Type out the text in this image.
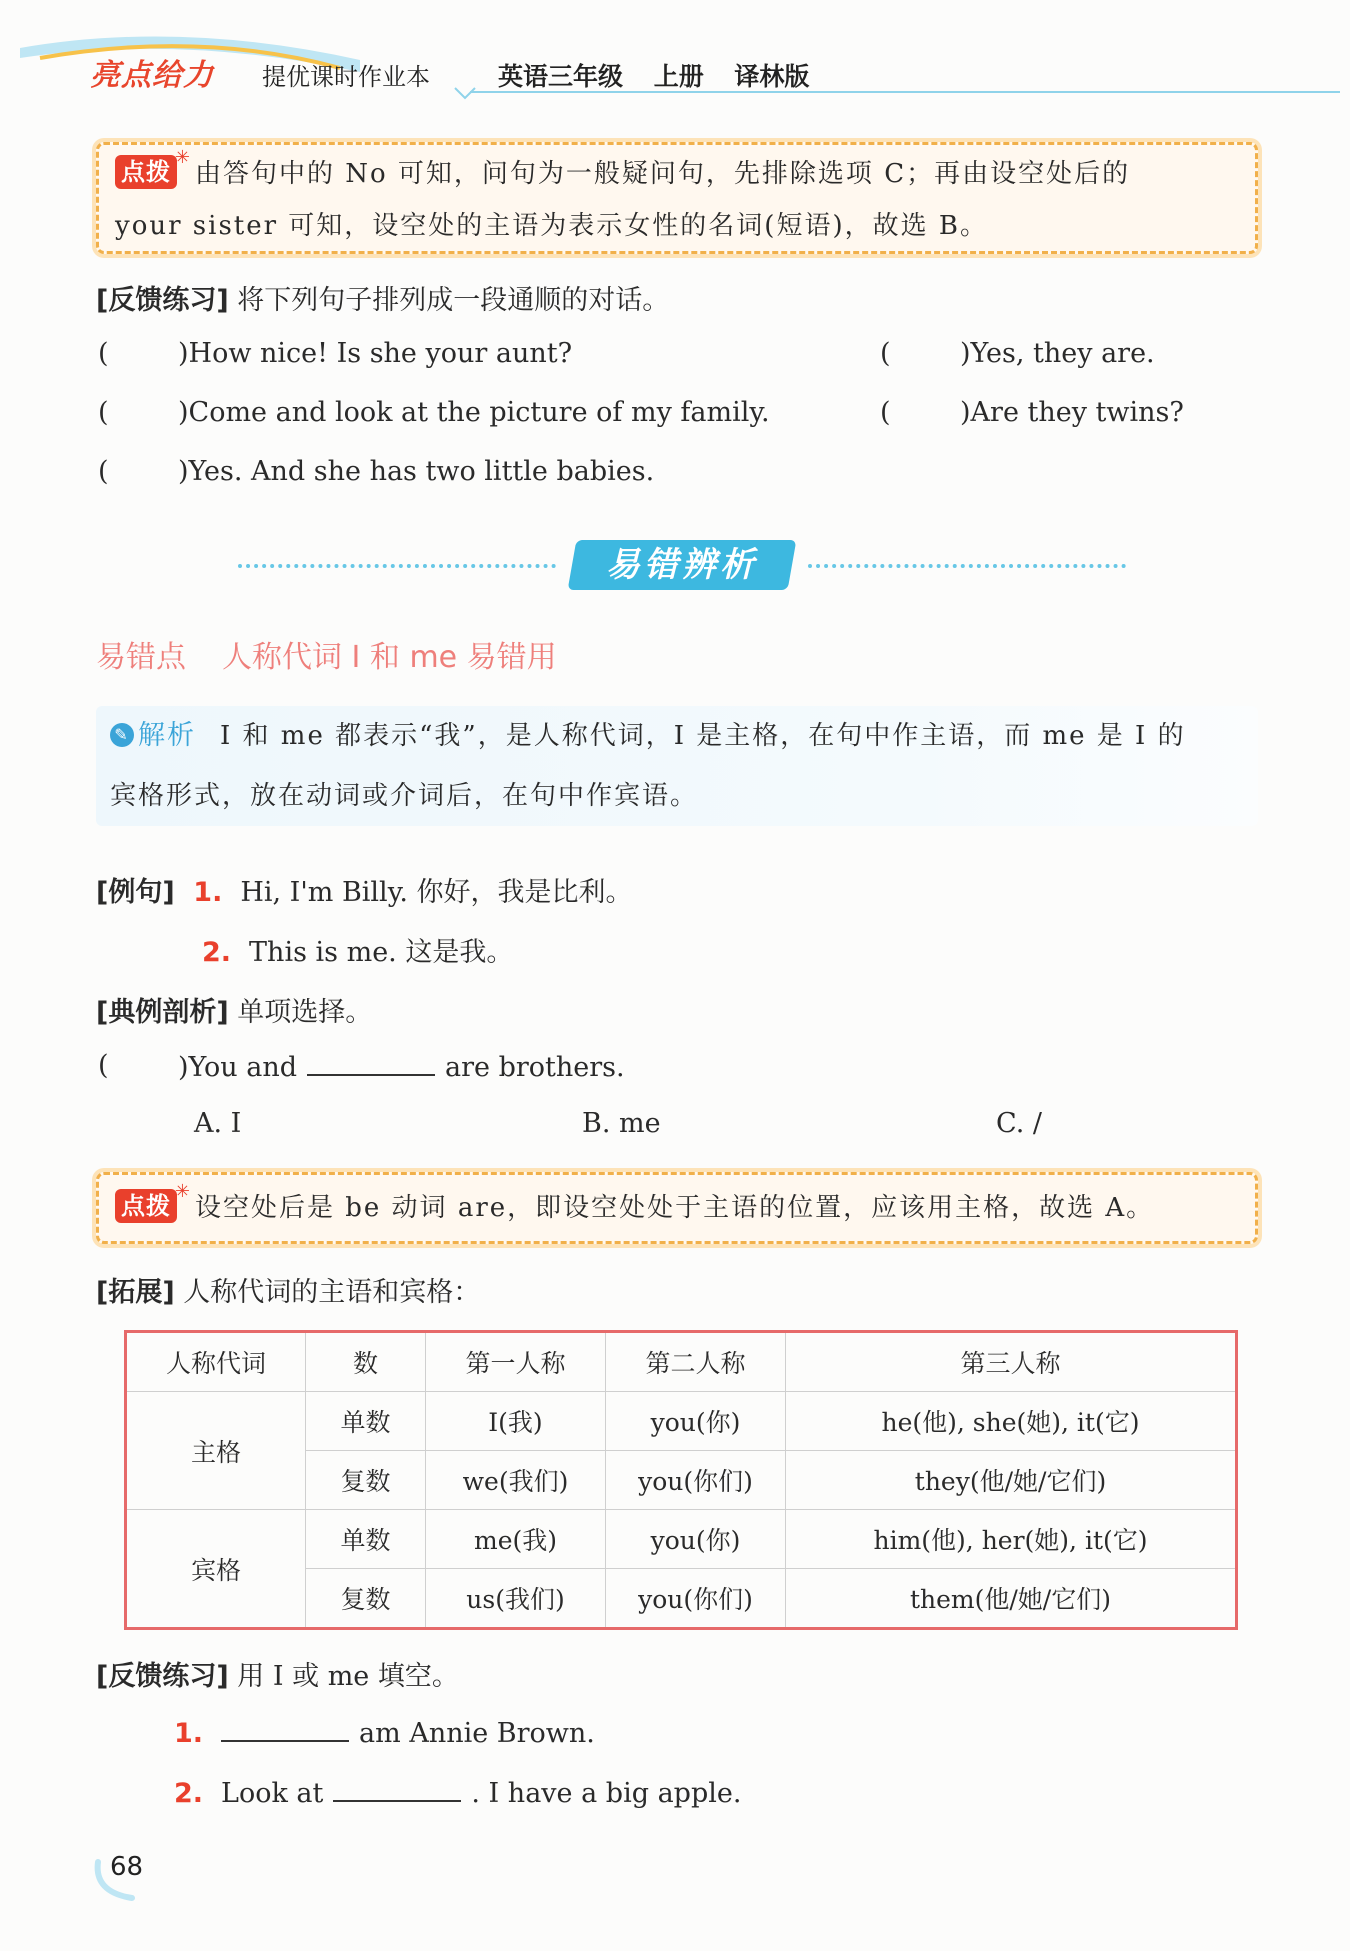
亮点给力 提优课时作业本	英语三年级 上册 译林版
点拨
✳
由答句中的 No 可知，问句为一般疑问句，先排除选项 C；再由设空处后的
your sister 可知，设空处的主语为表示女性的名词(短语)，故选 B。
[反馈练习] 将下列句子排列成一段通顺的对话。
(	)How nice! Is she your aunt?	(	)Yes, they are.
(	)Come and look at the picture of my family.	(	)Are they twins?
(	)Yes. And she has two little babies.
易错辨析
易错点 人称代词 I 和 me 易错用
✎ 解析 I 和 me 都表示“我”，是人称代词，I 是主格，在句中作主语，而 me 是 I 的
宾格形式，放在动词或介词后，在句中作宾语。
[例句] 1. Hi, I'm Billy. 你好，我是比利。
2. This is me. 这是我。
[典例剖析] 单项选择。
(	)You and	are brothers.
A. I	B. me	C. /
点拨
✳
设空处后是 be 动词 are，即设空处处于主语的位置，应该用主格，故选 A。
[拓展] 人称代词的主语和宾格：
人称代词	数	第一人称	第二人称	第三人称
主格	单数	I(我)	you(你)	he(他), she(她), it(它)
	复数	we(我们)	you(你们)	they(他/她/它们)
宾格	单数	me(我)	you(你)	him(他), her(她), it(它)
	复数	us(我们)	you(你们)	them(他/她/它们)
[反馈练习] 用 I 或 me 填空。
1.	am Annie Brown.
2. Look at	. I have a big apple.
68
